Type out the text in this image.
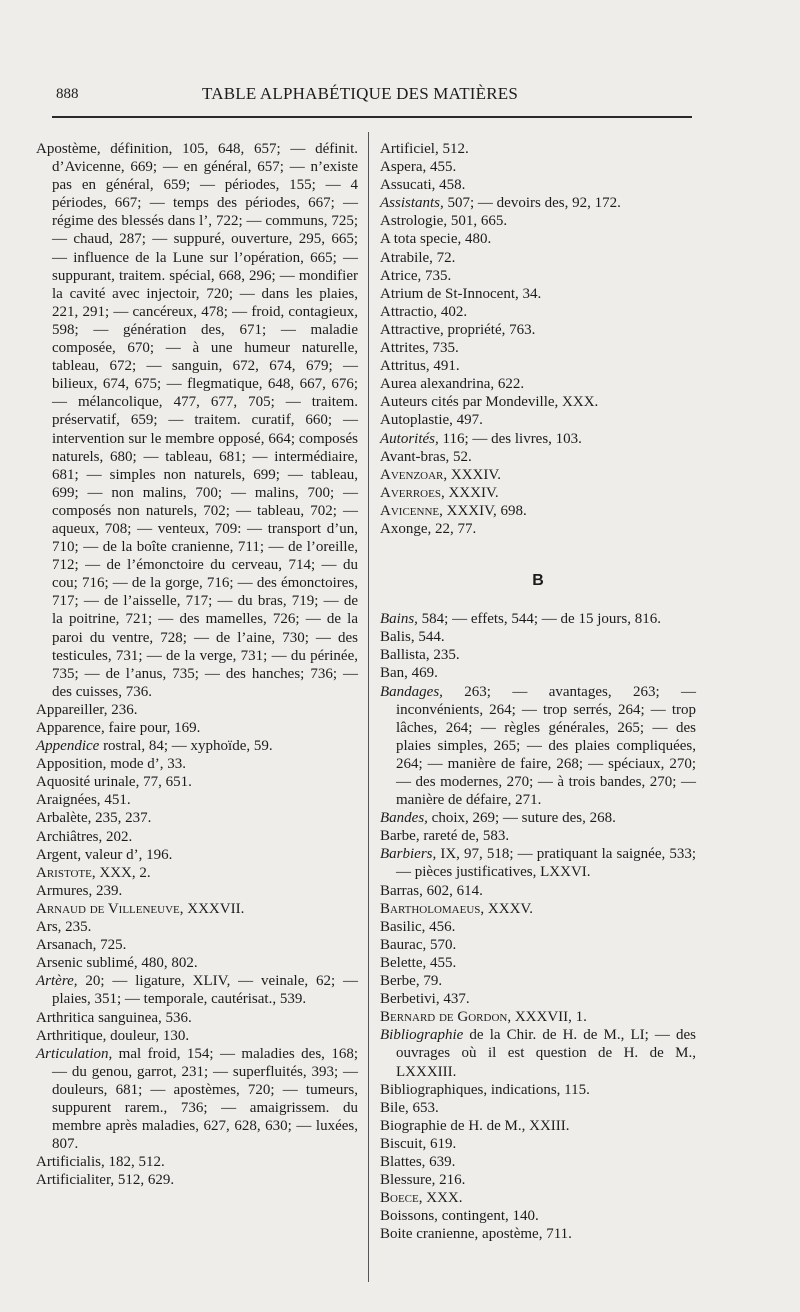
888	TABLE ALPHABÉTIQUE DES MATIÈRES

Apostème, définition, 105, 648, 657; — définit. d’Avicenne, 669; — en général, 657; — n’existe pas en général, 659; — périodes, 155; — 4 périodes, 667; — temps des périodes, 667; — régime des blessés dans l’, 722; — communs, 725; — chaud, 287; — suppuré, ouverture, 295, 665; — influence de la Lune sur l’opération, 665; — suppurant, traitem. spécial, 668, 296; — mondifier la cavité avec injectoir, 720; — dans les plaies, 221, 291; — cancéreux, 478; — froid, contagieux, 598; — génération des, 671; — maladie composée, 670; — à une humeur naturelle, tableau, 672; — sanguin, 672, 674, 679; — bilieux, 674, 675; — flegmatique, 648, 667, 676; — mélancolique, 477, 677, 705; — traitem. préservatif, 659; — traitem. curatif, 660; — intervention sur le membre opposé, 664; composés naturels, 680; — tableau, 681; — intermédiaire, 681; — simples non naturels, 699; — tableau, 699; — non malins, 700; — malins, 700; — composés non naturels, 702; — tableau, 702; — aqueux, 708; — venteux, 709: — transport d’un, 710; — de la boîte cranienne, 711; — de l’oreille, 712; — de l’émonctoire du cerveau, 714; — du cou; 716; — de la gorge, 716; — des émonctoires, 717; — de l’aisselle, 717; — du bras, 719; — de la poitrine, 721; — des mamelles, 726; — de la paroi du ventre, 728; — de l’aine, 730; — des testicules, 731; — de la verge, 731; — du périnée, 735; — de l’anus, 735; — des hanches; 736; — des cuisses, 736.

Appareiller, 236.

Apparence, faire pour, 169.

Appendice rostral, 84; — xyphoïde, 59.

Apposition, mode d’, 33.

Aquosité urinale, 77, 651.

Araignées, 451.

Arbalète, 235, 237.

Archiâtres, 202.

Argent, valeur d’, 196.

Aristote, XXX, 2.

Armures, 239.

Arnaud de Villeneuve, XXXVII.

Ars, 235.

Arsanach, 725.

Arsenic sublimé, 480, 802.

Artère, 20; — ligature, XLIV, — veinale, 62; — plaies, 351; — temporale, cautérisat., 539.

Arthritica sanguinea, 536.

Arthritique, douleur, 130.

Articulation, mal froid, 154; — maladies des, 168; — du genou, garrot, 231; — superfluités, 393; — douleurs, 681; — apostèmes, 720; — tumeurs, suppurent rarem., 736; — amaigrissem. du membre après maladies, 627, 628, 630; — luxées, 807.

Artificialis, 182, 512.

Artificialiter, 512, 629.

Artificiel, 512.

Aspera, 455.

Assucati, 458.

Assistants, 507; — devoirs des, 92, 172.

Astrologie, 501, 665.

A tota specie, 480.

Atrabile, 72.

Atrice, 735.

Atrium de St-Innocent, 34.

Attractio, 402.

Attractive, propriété, 763.

Attrites, 735.

Attritus, 491.

Aurea alexandrina, 622.

Auteurs cités par Mondeville, XXX.

Autoplastie, 497.

Autorités, 116; — des livres, 103.

Avant-bras, 52.

Avenzoar, XXXIV.

Averroes, XXXIV.

Avicenne, XXXIV, 698.

Axonge, 22, 77.

B

Bains, 584; — effets, 544; — de 15 jours, 816.

Balis, 544.

Ballista, 235.

Ban, 469.

Bandages, 263; — avantages, 263; — inconvénients, 264; — trop serrés, 264; — trop lâches, 264; — règles générales, 265; — des plaies simples, 265; — des plaies compliquées, 264; — manière de faire, 268; — spéciaux, 270; — des modernes, 270; — à trois bandes, 270; — manière de défaire, 271.

Bandes, choix, 269; — suture des, 268.

Barbe, rareté de, 583.

Barbiers, IX, 97, 518; — pratiquant la saignée, 533; — pièces justificatives, LXXVI.

Barras, 602, 614.

Bartholomaeus, XXXV.

Basilic, 456.

Baurac, 570.

Belette, 455.

Berbe, 79.

Berbetivi, 437.

Bernard de Gordon, XXXVII, 1.

Bibliographie de la Chir. de H. de M., LI; — des ouvrages où il est question de H. de M., LXXXIII.

Bibliographiques, indications, 115.

Bile, 653.

Biographie de H. de M., XXIII.

Biscuit, 619.

Blattes, 639.

Blessure, 216.

Boece, XXX.

Boissons, contingent, 140.

Boite cranienne, apostème, 711.
